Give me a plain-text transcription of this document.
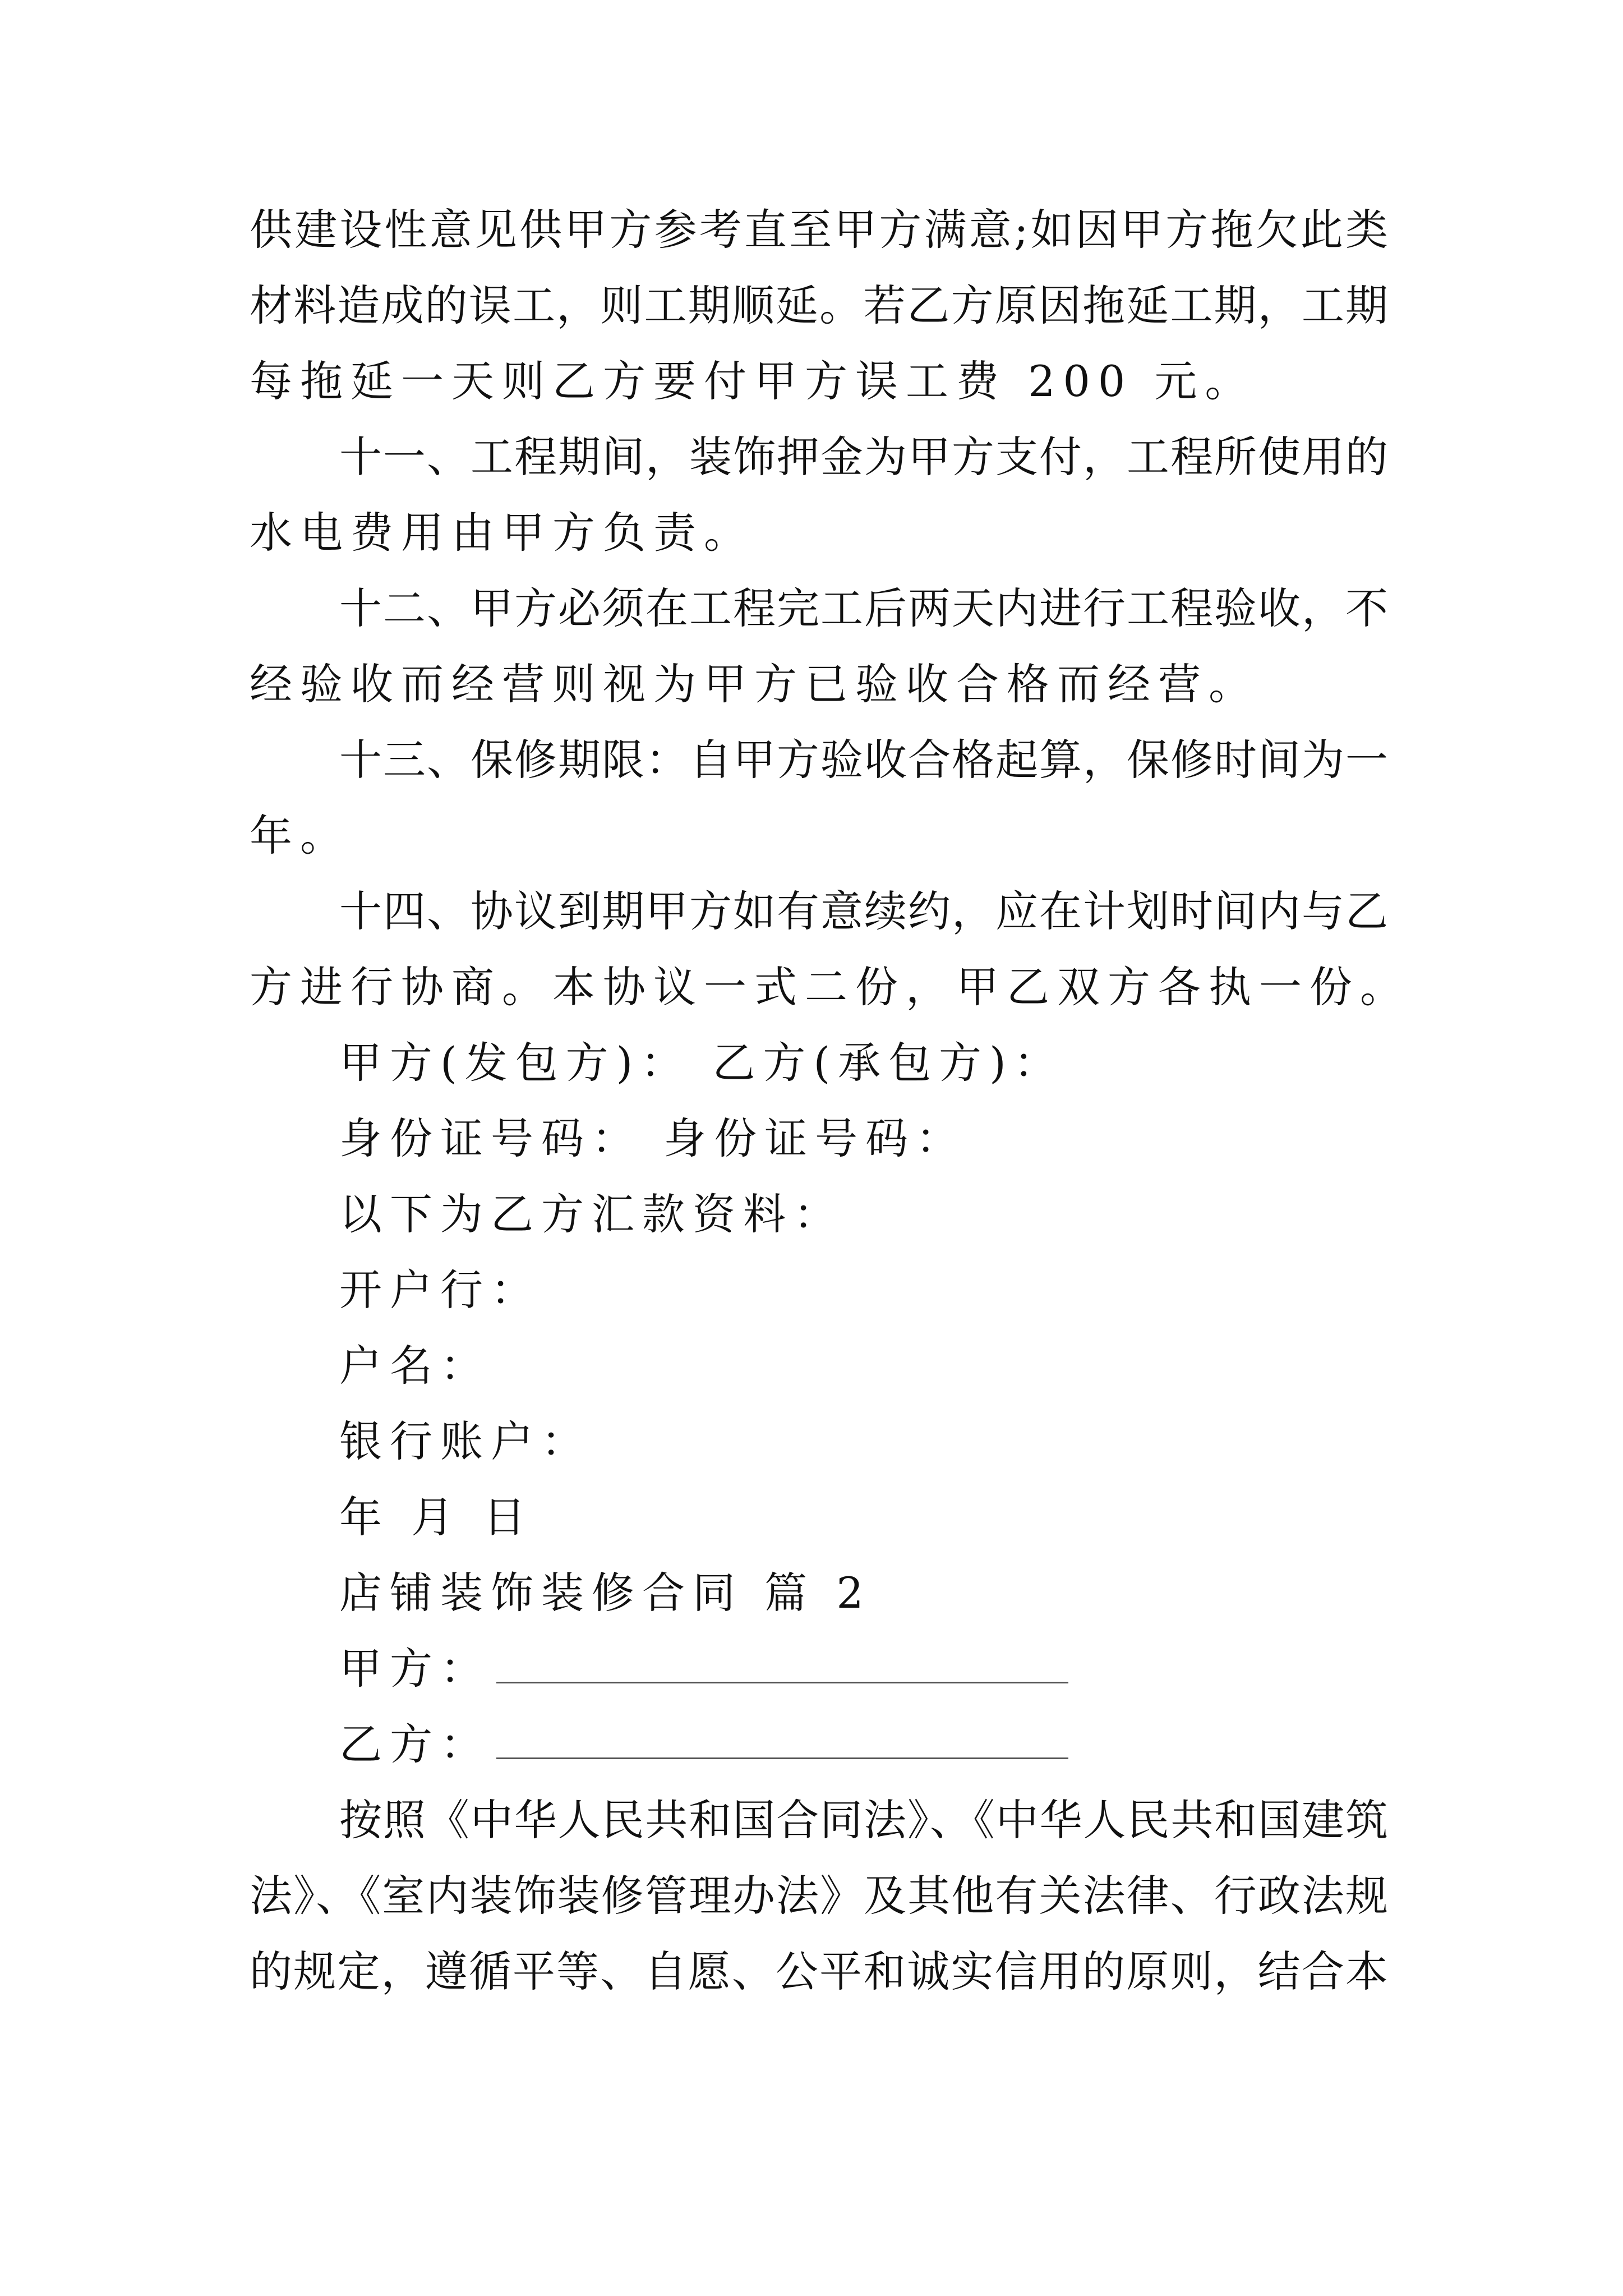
供建设性意见供甲方参考直至甲方满意;如因甲方拖欠此类
材料造成的误工，则工期顺延。若乙方原因拖延工期，工期
每拖延一天则乙方要付甲方误工费 200 元。
十一、工程期间，装饰押金为甲方支付，工程所使用的
水电费用由甲方负责。
十二、甲方必须在工程完工后两天内进行工程验收，不
经验收而经营则视为甲方已验收合格而经营。
十三、保修期限：自甲方验收合格起算，保修时间为一
年。
十四、协议到期甲方如有意续约，应在计划时间内与乙
方进行协商。本协议一式二份，甲乙双方各执一份。
甲方(发包方)： 乙方(承包方)：
身份证号码： 身份证号码：
以下为乙方汇款资料：
开户行：
户名：
银行账户：
年 月 日
店铺装饰装修合同 篇 2
甲方：
乙方：
按照《中华人民共和国合同法》、《中华人民共和国建筑
法》、《室内装饰装修管理办法》及其他有关法律、行政法规
的规定，遵循平等、自愿、公平和诚实信用的原则，结合本
